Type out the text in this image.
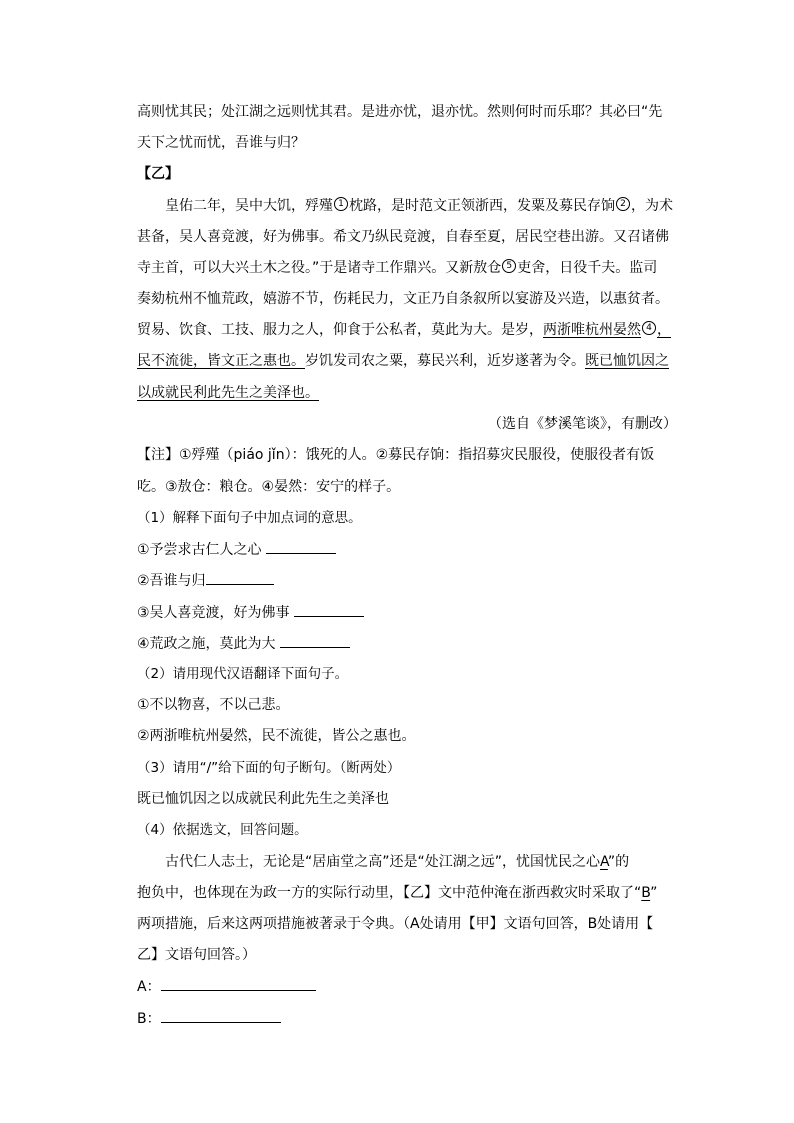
高则忧其民；处江湖之远则忧其君。是进亦忧，退亦忧。然则何时而乐耶？其必曰“先
天下之忧而忧，吾谁与归？
【乙】
皇佑二年，吴中大饥，殍殣 1 枕路，是时范文正领浙西，发粟及募民存饷 2 ，为术
甚备，吴人喜竞渡，好为佛事。希文乃纵民竞渡，自春至夏，居民空巷出游。又召诸佛
寺主首，可以大兴土木之役。”于是诸寺工作鼎兴。又新敖仓 5 吏舍，日役千夫。监司
奏劾杭州不恤荒政，嬉游不节，伤耗民力，文正乃自条叙所以宴游及兴造，以惠贫者。
贸易、饮食、工技、服力之人，仰食于公私者，莫此为大。是岁，两浙唯杭州晏然 4 ，
民不流徙，皆文正之惠也。岁饥发司农之粟，募民兴利，近岁遂著为令。既已恤饥因之
以成就民利此先生之美泽也。
（选自《梦溪笔谈》，有删改）
【注】①殍殣（piáo jǐn）：饿死的人。②募民存饷：指招募灾民服役，使服役者有饭
吃。③敖仓：粮仓。④晏然：安宁的样子。
（1）解释下面句子中加点词的意思。
①予尝求古仁人之心
②吾谁与归
③吴人喜竞渡，好为佛事
④荒政之施，莫此为大
（2）请用现代汉语翻译下面句子。
①不以物喜，不以己悲。
②两浙唯杭州晏然，民不流徙，皆公之惠也。
（3）请用“/”给下面的句子断句。（断两处）
既已恤饥因之以成就民利此先生之美泽也
（4）依据选文，回答问题。
古代仁人志士，无论是“居庙堂之高”还是“处江湖之远”，忧国忧民之心A”的
抱负中，也体现在为政一方的实际行动里，【乙】文中范仲淹在浙西救灾时采取了“B”
两项措施，后来这两项措施被著录于令典。（A处请用【甲】文语句回答，B处请用【
乙】文语句回答。）
A：
B：
